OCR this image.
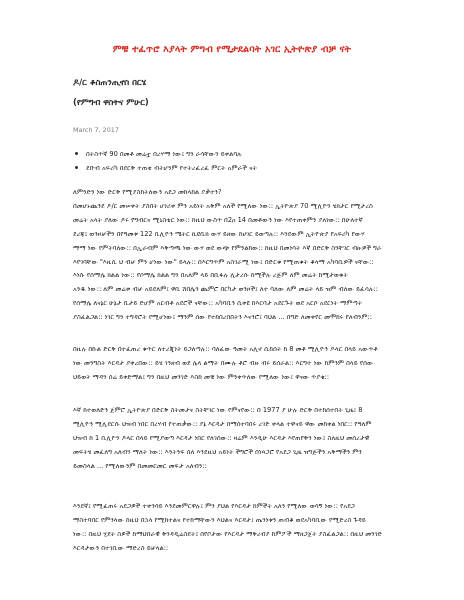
ምቹ ተፈጥሮ እያላት ምግብ የሚታደልባት አገር ኢትዮጵያ ብቻ ናት
ዶ/ር ቆስጠንጢኖስ በርሄ
(የምግብ ዋስትና ምሁር)
March 7, 2017
በትስጥኛ 90 በመቶ መሬቷ በረሃማ ነው፤ ግን ራሳቸውን ይቀልባሉ
ደቡብ አፍሪካ በደርቅ ተጠቂ ብትሆንም የተትረፈረፈ ምርት አምራች ናት
ለምንድን ነው ድርቅ የሚያስከትለውን አደጋ መከላከል ያቃተን?
በመሆኑጨንደ ዶ/ር መሠቀት ያስበት ሆነሪቀ ምን አይነት አቅም አለች የሚለው ነው:: ኢትዮጵያ 70 ሚሊዮን ሄክታር የሚታረስ
መሬት አላት ያለው ዶሩ የግብርና ሚኒስቴር ነው:: ከዚህ ውስጥ በ2ዐ 14 በመቶውን ነው እየተጠቀምን ያለነው:: በሁለተኛ
ደረጃ፤ ወንዞቻችን በየዓመቱ 122 ቢሊዮን ሜትር ኪዩቢክ ውሃ ይዘው ከሀገር ይወጣሉ:: እንደውም ኢትዮጵያ የአፍሪካ የውሃ
ማማ ነው የምትባለው:: በኢራብም እቅጣጫ ነው ውሃ ወደ ውጭ የምንልከው:: ከዚህ በመነሳት እኛ በድርቅ ስንቸገር ብዙዎች ግራ
እየገባቸው "እዚሲ ህ ብቻ ምን ሆነው ነው" ይላሉ:: በእርግጥም አስገራሚ ነው፤ በድርቁ የሚጠቁት ቆላማ አካባቢዎች ናቸው::
እነሱ የሰማሌ ክልል ነው:: የሶማሌ ክልል ግን በአለም ላይ በቢፋሉ ሊታረሱ ከሚችሉ ረጅም ለም መሬት ከሚታወቁት
አንዱ ነው:: ለም መሬቱ ብቻ አይደለም፤ ዋቢ ሸበሌን ጨምሮ በርካታ ወንዞች፤ ለተ ባለው ለም መሬት ላይ ዝም ብለው ይፈሳሉ::
የሰማሌ ለናኔር ሁኔታ ቢታይ ድሆም አርብቶ አደሮች ናቸው:: አካባቢን ሲቀዩ ከእርባታ አደርጉት ወደ አርሶ አደርነት ማምጣት
ያስፈልጋል:: ነገር ግን ተግዳሮት የሚሆነው፤ ማንም ሰው የተከበረበበትን እናንሮ፤ ባህል ... በግድ ለመቀየር መሞከሩ የለብንም::
በዚሉ በኩል ድርቅ በተፈጠረ ቁጥር ለተረጂነት ይጋለጣሉ:: ባለፈው ዓመት አሊኖ ሲከሰት ከ 8 መቶ ሚሊዮን ዶላር በላይ አውጥቶ
ነው መንግስት እርዳታ ያቀረበው:: ይሄ ገንዘብ ወደ ሌላ ልማት በሙሉ ቶሮ ብዙ ብሩ ይሰራል:: እርግተ ነው ከምንም በላይ የሰው
ህይወት ማዳን ሰሬ ይቀድማል፤ ግን በዚህ መንገድ እስከ መቼ ነው ምንቀጥለው የሚለው ነው፤ ዋናው ጥያቄ::
እኛ ከተወለድን ጀምሮ ኢትዮጵያ በድርቅ ስትመታና ስትቸገር ነው የምናየው:: በ 1977 ያ ሁሉ ድርቅ በተከሰተበት ጊዜ፤ 8
ሚሊዮን ሚሊደርሱ ህዝብ ነበር በረሃብ የተጠቃው:: ያኔ እርዳታ በማሰተባበሩ ረገድ ቀላል ተዋናይ ዋው መከቀል ነበር:: የዓለም
ህዝብ ከ 1 ቢሊዮን ዶላር በላይ የሚያወጣ እርዳታ ነበር የለገሰው:: ዛሬም እንዲሁ እርዳታ እየጠየቅን ነው፤ ስለዚህ መሰረታዊ
መፍትሄ መፈለግ አለብን ማለት ነው:: እንትንፍ ሰለ እንደዚህ አይነት ችግሮች በነጻጋሮ የአደጋ ጊዜ ዝግጅችን አቅማችን ምን
ይመስላል ... የሚለውንም በመመርመር መፍታ አለብን::
እንደኛ፤ የሚፈጠሩ አደጋዎች ተቀንሳይ እንደመምርዋሉ፤ ምን ያህል የእርዳታ ከምችት አለን የሚለው ወሳኝ ነው:: የአደጋ
ማስተባበር የምንላው ከዚህ በኋላ የሚከተልና የተከማቸውን እህልና እርዳታ፤ ጤንነቱን ጠብቆ ወደአካባቢው የሚድረስ ጉዳይ
ነው:: በዚህ ሂደት ስዎች ከማህበራዊ ቅንዳዲሬስደት፤ በየቦታው የእርዳታ ማቅረብያ ከምፖች ማዘጋጀት ያስፈልጋል:: በዚህ መንገድ
እርዳታውን በተገቢው ማድረስ ይቻላል::
